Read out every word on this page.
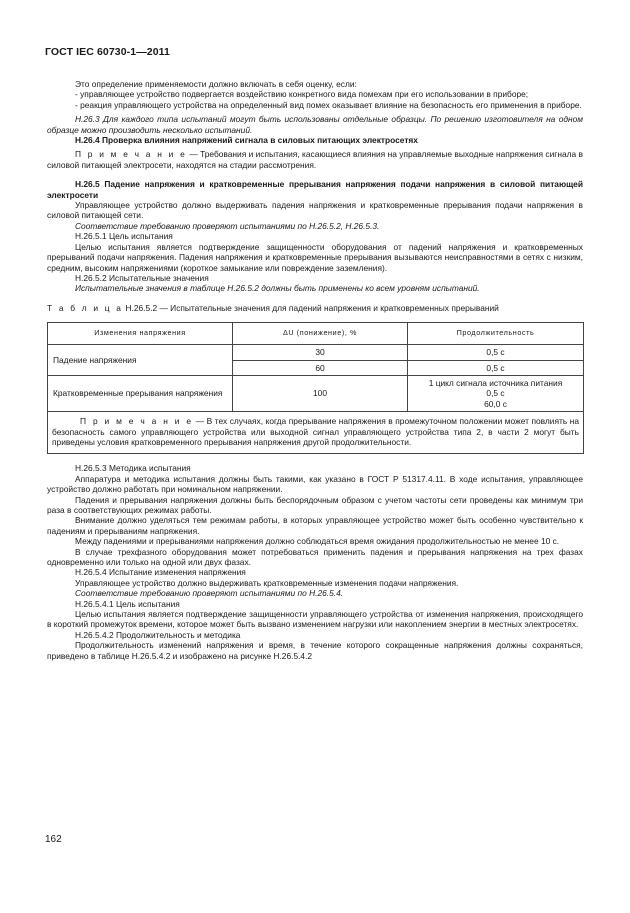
ГОСТ IEC 60730-1—2011

Это определение применяемости должно включать в себя оценку, если:

- управляющее устройство подвергается воздействию конкретного вида помехам при его использовании в приборе;

- реакция управляющего устройства на определенный вид помех оказывает влияние на безопасность его применения в приборе.

Н.26.3 Для каждого типа испытаний могут быть использованы отдельные образцы. По решению изготовителя на одном образце можно производить несколько испытаний.

Н.26.4 Проверка влияния напряжений сигнала в силовых питающих электросетях

П р и м е ч а н и е — Требования и испытания, касающиеся влияния на управляемые выходные напряжения сигнала в силовой питающей электросети, находятся на стадии рассмотрения.

Н.26.5 Падение напряжения и кратковременные прерывания напряжения подачи напряжения в силовой питающей электросети

Управляющее устройство должно выдерживать падения напряжения и кратковременные прерывания подачи напряжения в силовой питающей сети.

Соответствие требованию проверяют испытаниями по Н.26.5.2, Н.26.5.3.

Н.26.5.1 Цель испытания

Целью испытания является подтверждение защищенности оборудования от падений напряжения и кратковременных прерываний подачи напряжения. Падения напряжения и кратковременные прерывания вызываются неисправностями в сетях с низким, средним, высоким напряжениями (короткое замыкание или повреждение заземления).

Н.26.5.2 Испытательные значения

Испытательные значения в таблице Н.26.5.2 должны быть применены ко всем уровням испытаний.

Т а б л и ц а Н.26.5.2 — Испытательные значения для падений напряжения и кратковременных прерываний

Изменения напряжения	ΔU (понижение), %	Продолжительность
Падение напряжения	30	0,5 с
	60	0,5 с
Кратковременные прерывания напряжения	100	1 цикл сигнала источника питания
0,5 с
60,0 с

П р и м е ч а н и е — В тех случаях, когда прерывание напряжения в промежуточном положении может повлиять на безопасность самого управляющего устройства или выходной сигнал управляющего устройства типа 2, в части 2 могут быть приведены условия кратковременного прерывания напряжения другой продолжительности.		

Н.26.5.3 Методика испытания

Аппаратура и методика испытания должны быть такими, как указано в ГОСТ Р 51317.4.11. В ходе испытания, управляющее устройство должно работать при номинальном напряжении.

Падения и прерывания напряжения должны быть беспорядочным образом с учетом частоты сети проведены как минимум три раза в соответствующих режимах работы.

Внимание должно уделяться тем режимам работы, в которых управляющее устройство может быть особенно чувствительно к падениям и прерываниям напряжения.

Между падениями и прерываниями напряжения должно соблюдаться время ожидания продолжительностью не менее 10 с.

В случае трехфазного оборудования может потребоваться применить падения и прерывания напряжения на трех фазах одновременно или только на одной или двух фазах.

Н.26.5.4 Испытание изменения напряжения

Управляющее устройство должно выдерживать кратковременные изменения подачи напряжения.

Соответствие требованию проверяют испытаниями по Н.26.5.4.

Н.26.5.4.1 Цель испытания

Целью испытания является подтверждение защищенности управляющего устройства от изменения напряжения, происходящего в короткий промежуток времени, которое может быть вызвано изменением нагрузки или накоплением энергии в местных электросетях.

Н.26.5.4.2 Продолжительность и методика

Продолжительность изменений напряжения и время, в течение которого сокращенные напряжения должны сохраняться, приведено в таблице Н.26.5.4.2 и изображено на рисунке Н.26.5.4.2

162
